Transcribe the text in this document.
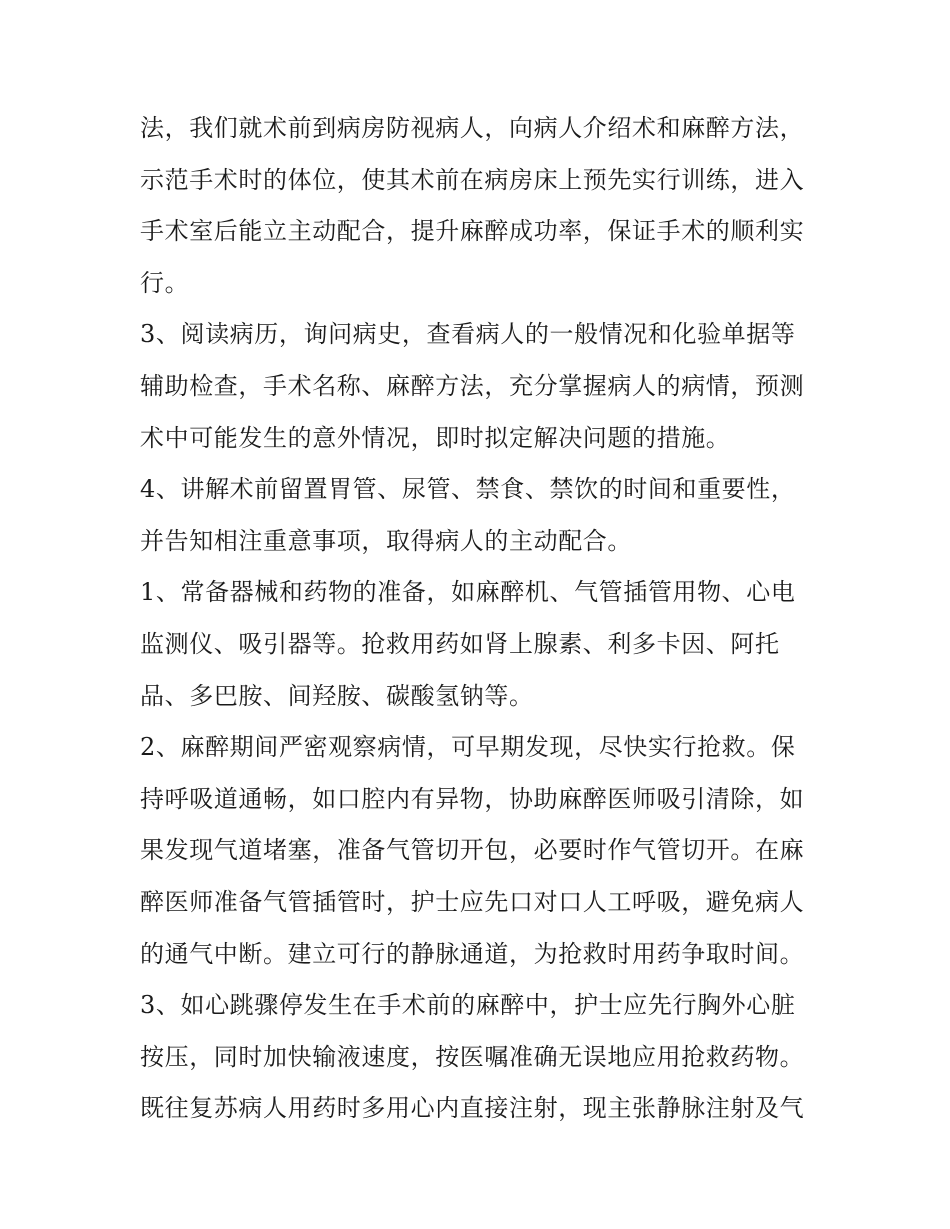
法，我们就术前到病房防视病人，向病人介绍术和麻醉方法，
示范手术时的体位，使其术前在病房床上预先实行训练，进入
手术室后能立主动配合，提升麻醉成功率，保证手术的顺利实
行。
3、阅读病历，询问病史，查看病人的一般情况和化验单据等
辅助检查，手术名称、麻醉方法，充分掌握病人的病情，预测
术中可能发生的意外情况，即时拟定解决问题的措施。
4、讲解术前留置胃管、尿管、禁食、禁饮的时间和重要性，
并告知相注重意事项，取得病人的主动配合。
1、常备器械和药物的准备，如麻醉机、气管插管用物、心电
监测仪、吸引器等。抢救用药如肾上腺素、利多卡因、阿托
品、多巴胺、间羟胺、碳酸氢钠等。
2、麻醉期间严密观察病情，可早期发现，尽快实行抢救。保
持呼吸道通畅，如口腔内有异物，协助麻醉医师吸引清除，如
果发现气道堵塞，准备气管切开包，必要时作气管切开。在麻
醉医师准备气管插管时，护士应先口对口人工呼吸，避免病人
的通气中断。建立可行的静脉通道，为抢救时用药争取时间。
3、如心跳骤停发生在手术前的麻醉中，护士应先行胸外心脏
按压，同时加快输液速度，按医嘱准确无误地应用抢救药物。
既往复苏病人用药时多用心内直接注射，现主张静脉注射及气
